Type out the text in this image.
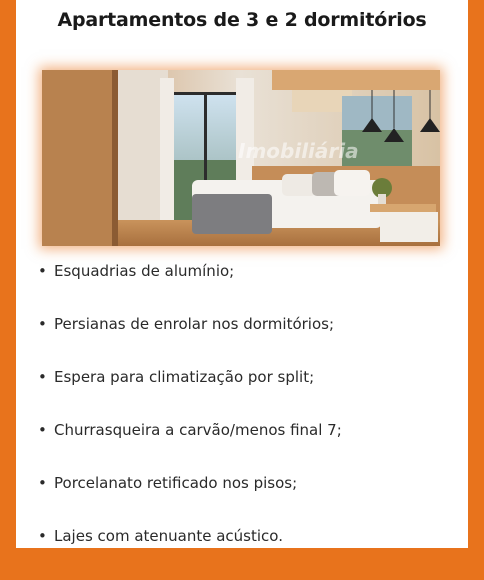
Apartamentos de 3 e 2 dormitórios
Imobiliária
• Esquadrias de alumínio;
• Persianas de enrolar nos dormitórios;
• Espera para climatização por split;
• Churrasqueira a carvão/menos final 7;
• Porcelanato retificado nos pisos;
• Lajes com atenuante acústico.
